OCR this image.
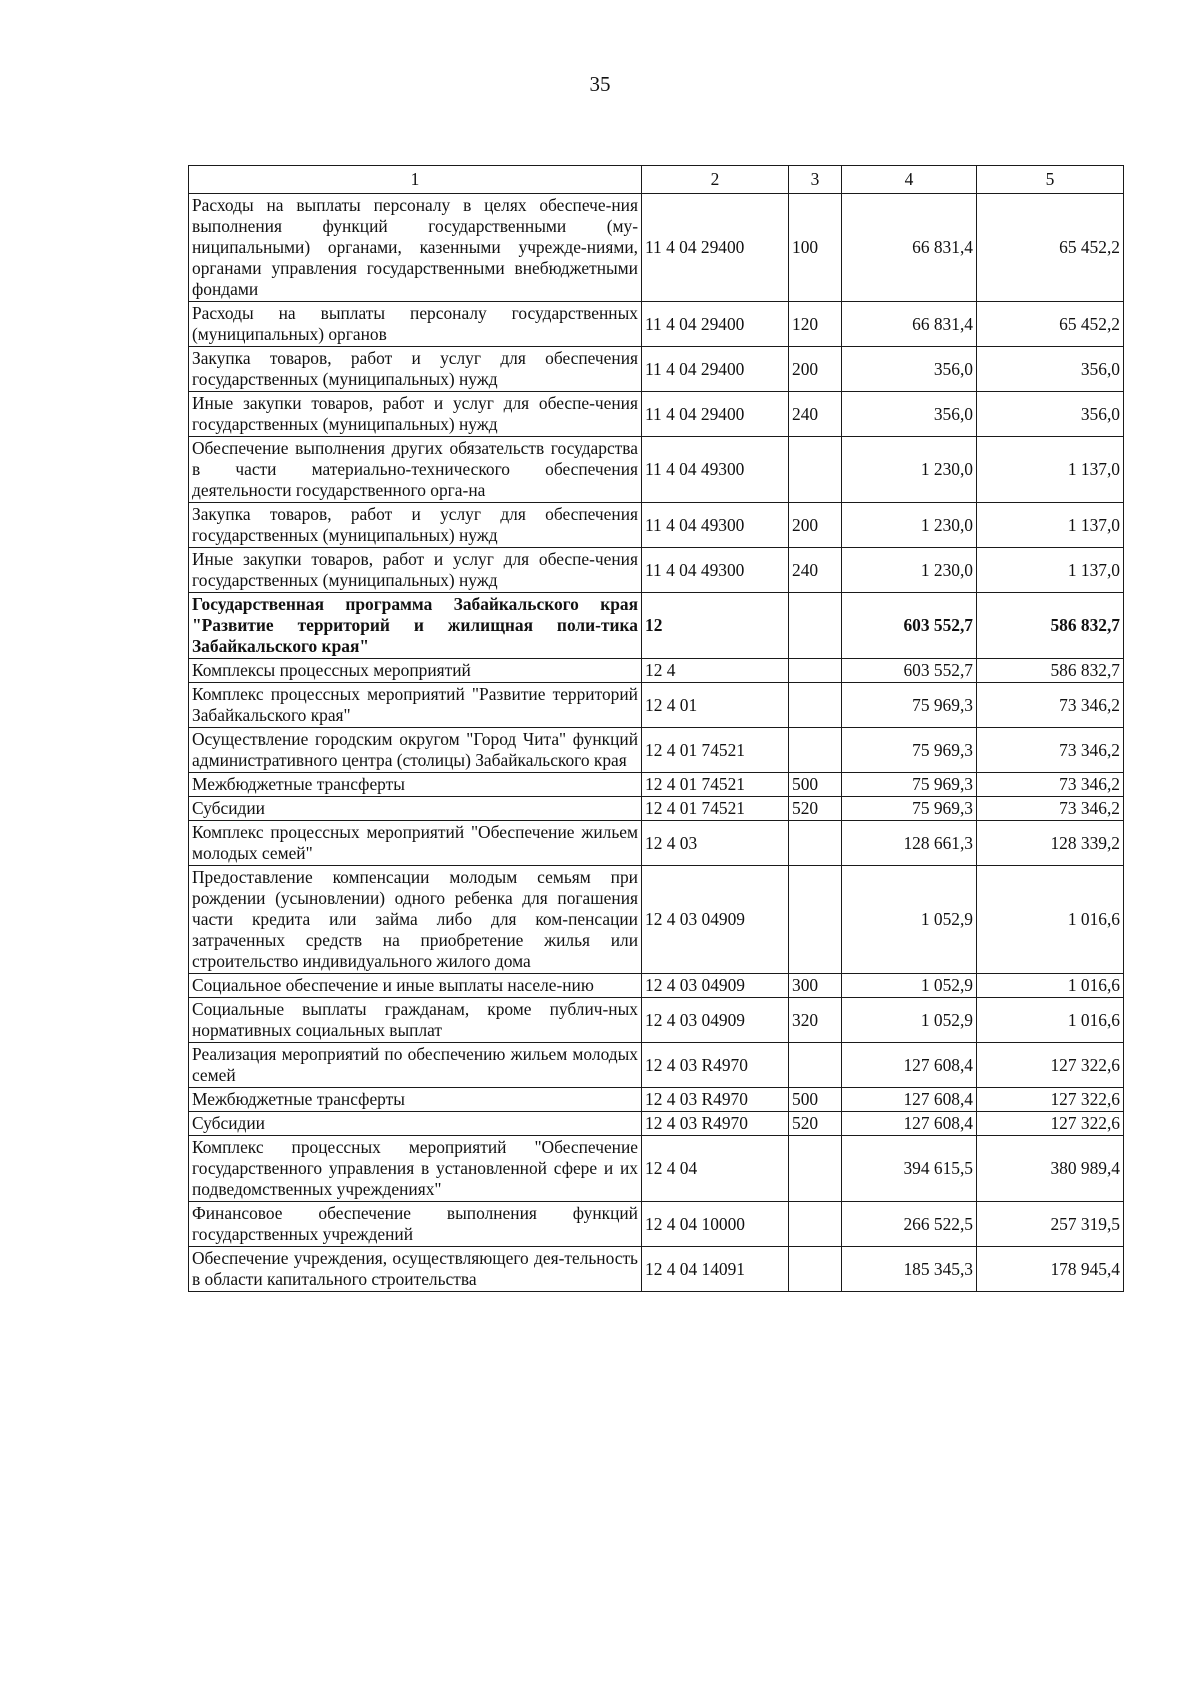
35
1	2	3	4	5
Расходы на выплаты персоналу в целях обеспече-ния выполнения функций государственными (му-ниципальными) органами, казенными учрежде-ниями, органами управления государственными внебюджетными фондами	11 4 04 29400	100	66 831,4	65 452,2
Расходы на выплаты персоналу государственных (муниципальных) органов	11 4 04 29400	120	66 831,4	65 452,2
Закупка товаров, работ и услуг для обеспечения государственных (муниципальных) нужд	11 4 04 29400	200	356,0	356,0
Иные закупки товаров, работ и услуг для обеспе-чения государственных (муниципальных) нужд	11 4 04 29400	240	356,0	356,0
Обеспечение выполнения других обязательств государства в части материально-технического обеспечения деятельности государственного орга-на	11 4 04 49300		1 230,0	1 137,0
Закупка товаров, работ и услуг для обеспечения государственных (муниципальных) нужд	11 4 04 49300	200	1 230,0	1 137,0
Иные закупки товаров, работ и услуг для обеспе-чения государственных (муниципальных) нужд	11 4 04 49300	240	1 230,0	1 137,0
Государственная программа Забайкальского края "Развитие территорий и жилищная поли-тика Забайкальского края"	12		603 552,7	586 832,7
Комплексы процессных мероприятий	12 4		603 552,7	586 832,7
Комплекс процессных мероприятий "Развитие территорий Забайкальского края"	12 4 01		75 969,3	73 346,2
Осуществление городским округом "Город Чита" функций административного центра (столицы) Забайкальского края	12 4 01 74521		75 969,3	73 346,2
Межбюджетные трансферты	12 4 01 74521	500	75 969,3	73 346,2
Субсидии	12 4 01 74521	520	75 969,3	73 346,2
Комплекс процессных мероприятий "Обеспечение жильем молодых семей"	12 4 03		128 661,3	128 339,2
Предоставление компенсации молодым семьям при рождении (усыновлении) одного ребенка для погашения части кредита или займа либо для ком-пенсации затраченных средств на приобретение жилья или строительство индивидуального жилого дома	12 4 03 04909		1 052,9	1 016,6
Социальное обеспечение и иные выплаты населе-нию	12 4 03 04909	300	1 052,9	1 016,6
Социальные выплаты гражданам, кроме публич-ных нормативных социальных выплат	12 4 03 04909	320	1 052,9	1 016,6
Реализация мероприятий по обеспечению жильем молодых семей	12 4 03 R4970		127 608,4	127 322,6
Межбюджетные трансферты	12 4 03 R4970	500	127 608,4	127 322,6
Субсидии	12 4 03 R4970	520	127 608,4	127 322,6
Комплекс процессных мероприятий "Обеспечение государственного управления в установленной сфере и их подведомственных учреждениях"	12 4 04		394 615,5	380 989,4
Финансовое обеспечение выполнения функций государственных учреждений	12 4 04 10000		266 522,5	257 319,5
Обеспечение учреждения, осуществляющего дея-тельность в области капитального строительства	12 4 04 14091		185 345,3	178 945,4
